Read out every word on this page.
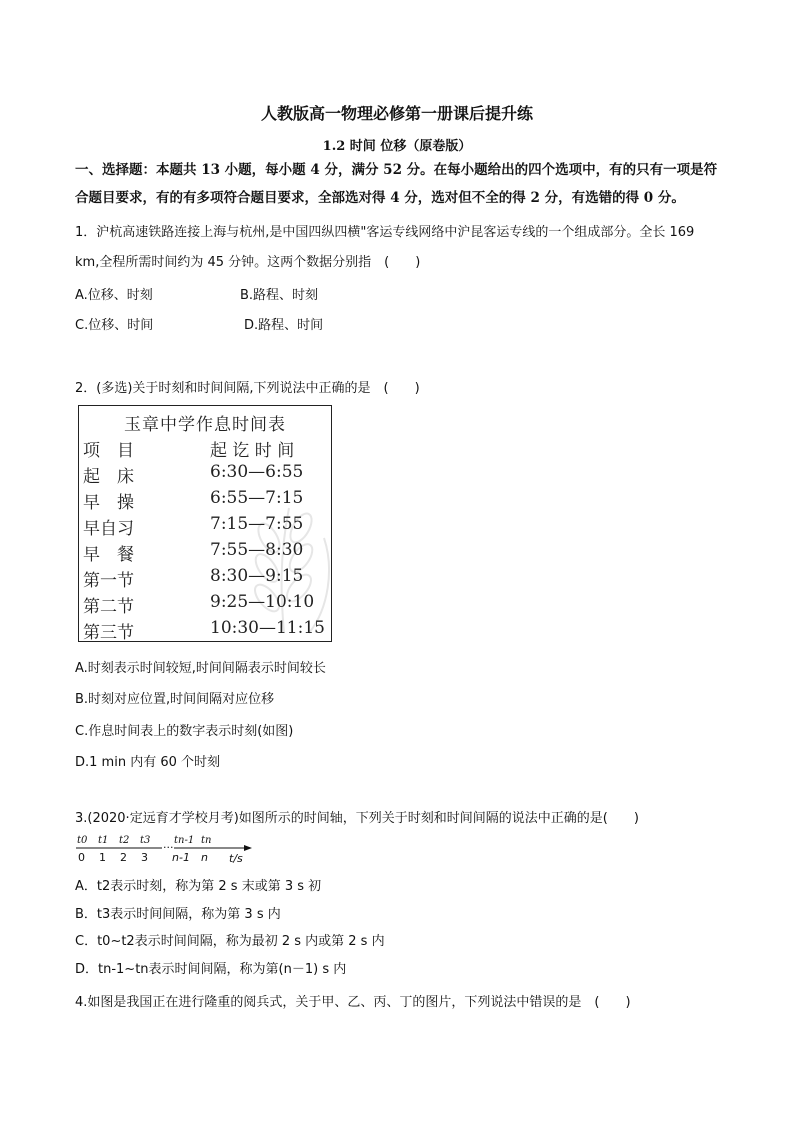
人教版高一物理必修第一册课后提升练
1.2 时间 位移（原卷版）
一、选择题：本题共 13 小题，每小题 4 分，满分 52 分。在每小题给出的四个选项中，有的只有一项是符
合题目要求，有的有多项符合题目要求，全部选对得 4 分，选对但不全的得 2 分，有选错的得 0 分。
1．沪杭高速铁路连接上海与杭州,是中国四纵四横"客运专线网络中沪昆客运专线的一个组成部分。全长 169
km,全程所需时间约为 45 分钟。这两个数据分别指　(　　)
A.位移、时刻	B.路程、时刻
C.位移、时间	D.路程、时间
2．(多选)关于时刻和时间间隔,下列说法中正确的是　(　　)
玉章中学作息时间表
项　目	起 讫 时 间
起　床	6:30—6:55
早　操	6:55—7:15
早自习	7:15—7:55
早　餐	7:55—8:30
第一节	8:30—9:15
第二节	9:25—10:10
第三节	10:30—11:15
A.时刻表示时间较短,时间间隔表示时间较长
B.时刻对应位置,时间间隔对应位移
C.作息时间表上的数字表示时刻(如图)
D.1 min 内有 60 个时刻
3.(2020·定远育才学校月考)如图所示的时间轴，下列关于时刻和时间间隔的说法中正确的是(　　)
t0 t1 t2 t3 tn-1 tn
···
0 1 2 3 n-1 n t/s
A．t2表示时刻，称为第 2 s 末或第 3 s 初
B．t3表示时间间隔，称为第 3 s 内
C．t0~t2表示时间间隔，称为最初 2 s 内或第 2 s 内
D．tn-1~tn表示时间间隔，称为第(n－1) s 内
4.如图是我国正在进行隆重的阅兵式，关于甲、乙、丙、丁的图片，下列说法中错误的是　(　　)
